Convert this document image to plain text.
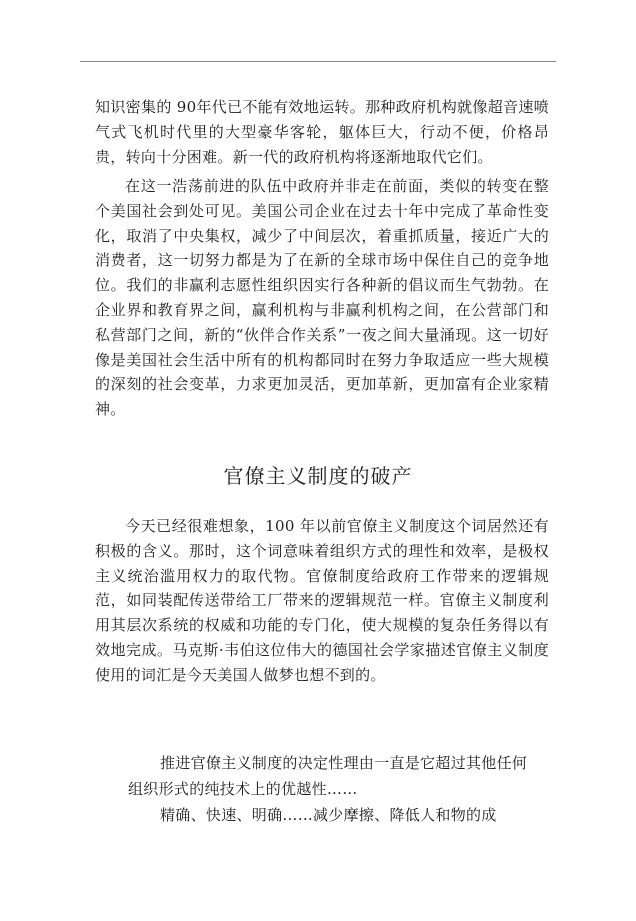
知识密集的 90年代已不能有效地运转。那种政府机构就像超音速喷气式飞机时代里的大型豪华客轮，躯体巨大，行动不便，价格昂贵，转向十分困难。新一代的政府机构将逐渐地取代它们。

在这一浩荡前进的队伍中政府并非走在前面，类似的转变在整个美国社会到处可见。美国公司企业在过去十年中完成了革命性变化，取消了中央集权，减少了中间层次，着重抓质量，接近广大的消费者，这一切努力都是为了在新的全球市场中保住自己的竞争地位。我们的非赢利志愿性组织因实行各种新的倡议而生气勃勃。在企业界和教育界之间，赢利机构与非赢利机构之间，在公营部门和私营部门之间，新的“伙伴合作关系”一夜之间大量涌现。这一切好像是美国社会生活中所有的机构都同时在努力争取适应一些大规模的深刻的社会变革，力求更加灵活，更加革新，更加富有企业家精神。

官僚主义制度的破产

今天已经很难想象，100 年以前官僚主义制度这个词居然还有积极的含义。那时，这个词意味着组织方式的理性和效率，是极权主义统治滥用权力的取代物。官僚制度给政府工作带来的逻辑规范，如同装配传送带给工厂带来的逻辑规范一样。官僚主义制度利用其层次系统的权威和功能的专门化，使大规模的复杂任务得以有效地完成。马克斯·韦伯这位伟大的德国社会学家描述官僚主义制度使用的词汇是今天美国人做梦也想不到的。

推进官僚主义制度的决定性理由一直是它超过其他任何组织形式的纯技术上的优越性……

精确、快速、明确……减少摩擦、降低人和物的成
